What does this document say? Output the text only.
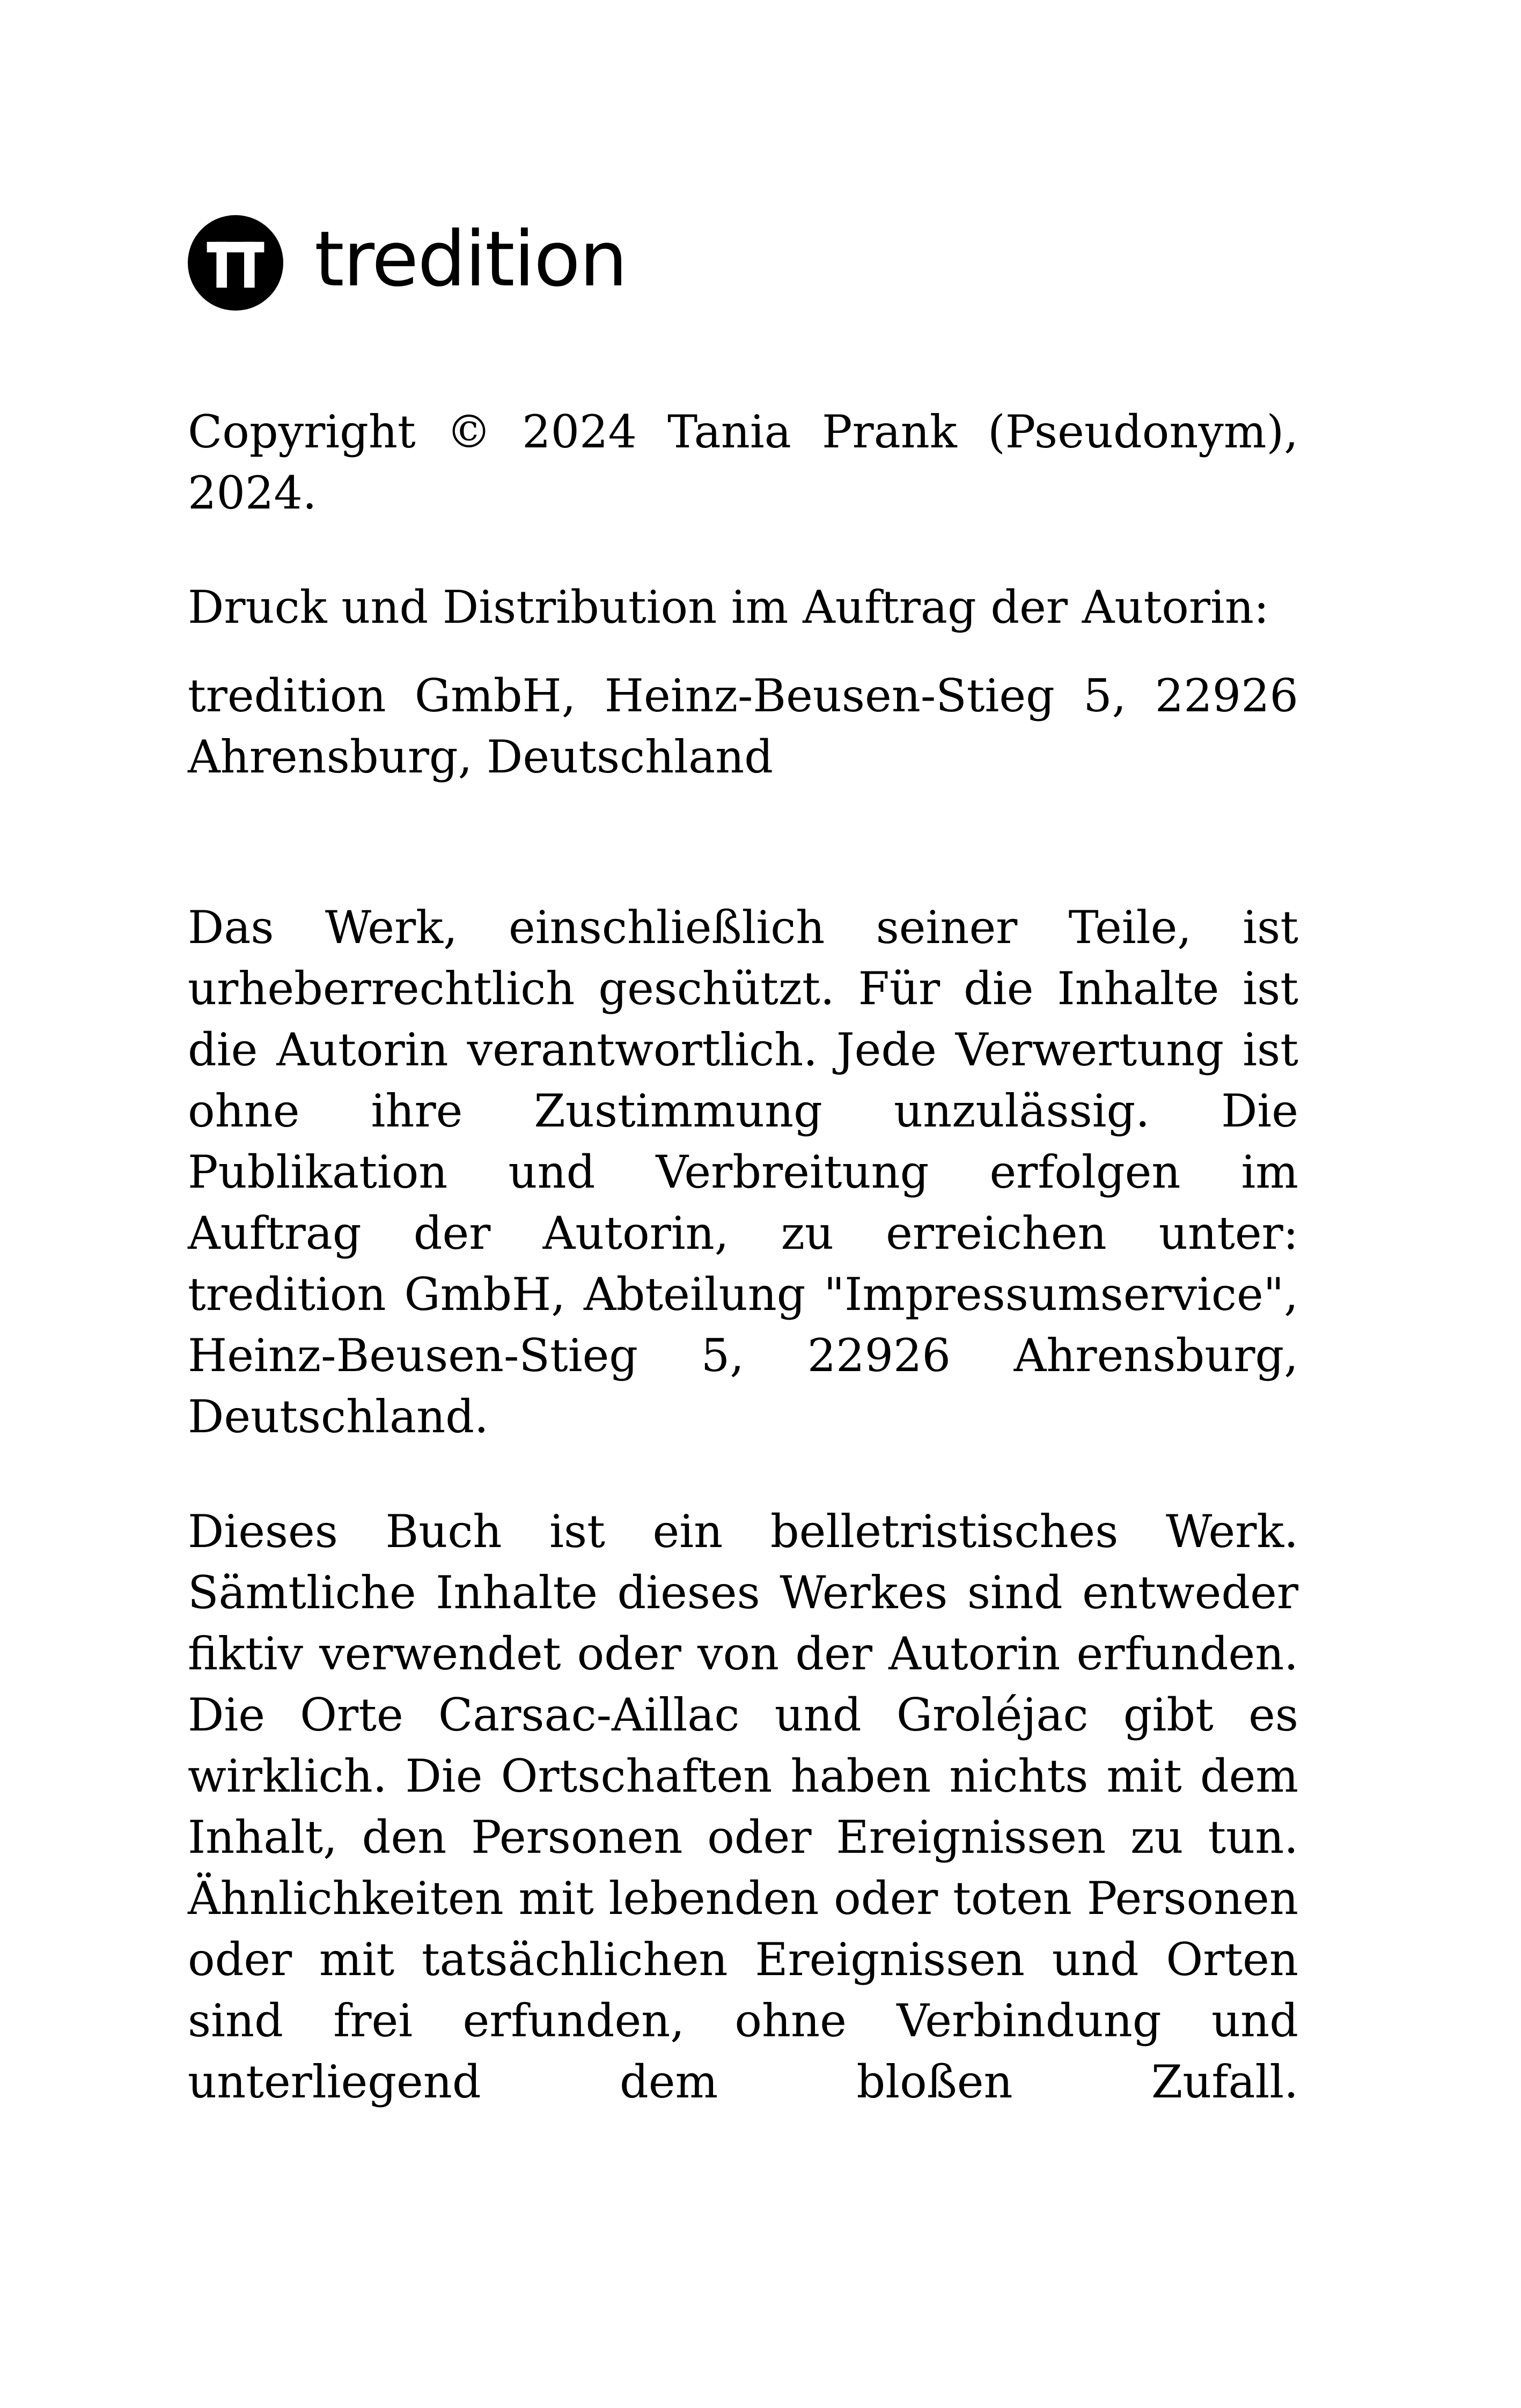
tredition

Copyright © 2024 Tania Prank (Pseudonym), 2024.

Druck und Distribution im Auftrag der Autorin:

tredition GmbH, Heinz-Beusen-Stieg 5, 22926 Ahrensburg, Deutschland

Das Werk, einschließlich seiner Teile, ist urheberrechtlich geschützt. Für die Inhalte ist die Autorin verantwortlich. Jede Verwertung ist ohne ihre Zustimmung unzulässig. Die Publikation und Verbreitung erfolgen im Auftrag der Autorin, zu erreichen unter: tredition GmbH, Abteilung "Impressumservice", Heinz-Beusen-Stieg 5, 22926 Ahrensburg, Deutschland.

Dieses Buch ist ein belletristisches Werk. Sämtliche Inhalte dieses Werkes sind entweder fiktiv verwendet oder von der Autorin erfunden. Die Orte Carsac-Aillac und Groléjac gibt es wirklich. Die Ortschaften haben nichts mit dem Inhalt, den Personen oder Ereignissen zu tun. Ähnlichkeiten mit lebenden oder toten Personen oder mit tatsächlichen Ereignissen und Orten sind frei erfunden, ohne Verbindung und unterliegend dem bloßen Zufall.
